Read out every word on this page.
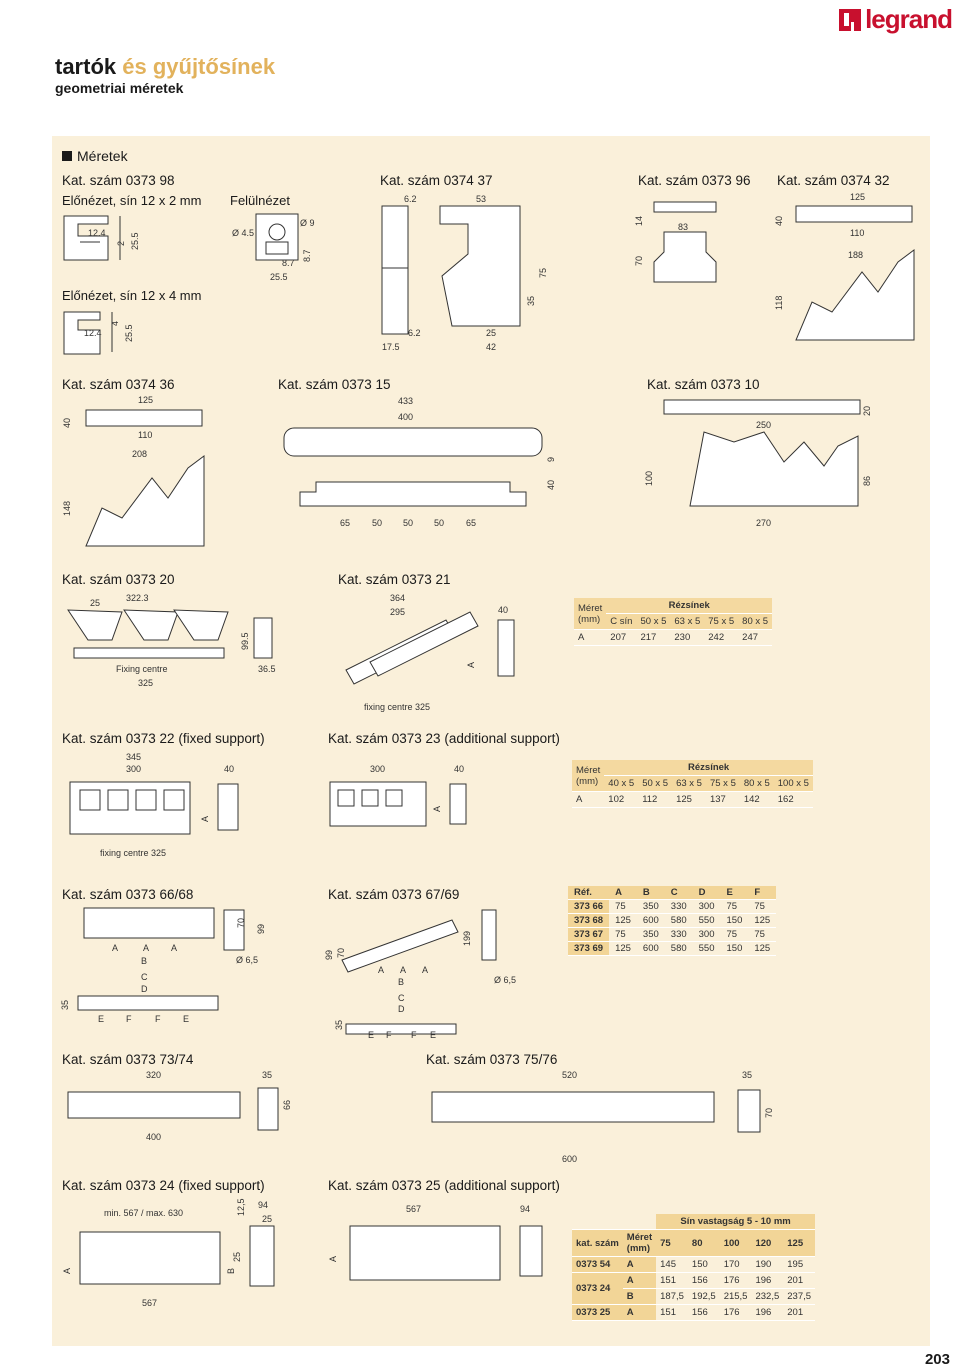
legrand
tartók és gyűjtősínek
geometriai méretek
Méretek
Kat. szám 0373 98
Előnézet, sín 12 x 2 mm Felülnézet
Előnézet, sín 12 x 4 mm
Kat. szám 0374 37	Kat. szám 0373 96 Kat. szám 0374 32
12.4
2 25.5	Ø 4.5
Ø 9
8.7
8.7
25.5
12.4
4
25.5
6.2	53
17.5
6.2	25
42
35
75
14
70
83
125
40
110
188
118
Kat. szám 0374 36	Kat. szám 0373 15	Kat. szám 0373 10
125
40
110
208
148
433
400
9
40
65 50 50 50 65
20
250
100	86
270
Kat. szám 0373 20	Kat. szám 0373 21
25	322.3
99.5
Fixing centre
325
36.5
364
295	40
A
fixing centre 325
Méret
(mm)	Rézsínek				
	C sín	50 x 5	63 x 5	75 x 5	80 x 5
A	207	217	230	242	247
Kat. szám 0373 22 (fixed support)	Kat. szám 0373 23 (additional support)
345
300	40
A
fixing centre 325
300	40
A
Méret
(mm)	Rézsínek					
	40 x 5	50 x 5	63 x 5	75 x 5	80 x 5	100 x 5
A	102	112	125	137	142	162
Kat. szám 0373 66/68	Kat. szám 0373 67/69
A	A A
B
C
D
E F	F	E
35
70
99
Ø 6,5
A A A
B
C
D
E F F E
35
99 70
199
Ø 6,5
Réf.	A	B	C	D	E	F
373 66	75	350	330	300	75	75
373 68	125	600	580	550	150	125
373 67	75	350	330	300	75	75
373 69	125	600	580	550	150	125
Kat. szám 0373 73/74	Kat. szám 0373 75/76
320	35
66
400
520	35
70
600
Kat. szám 0373 24 (fixed support)	Kat. szám 0373 25 (additional support)
min. 567 / max. 630	12,5 94
25
A	B
25
567
567	94
A
		Sín vastagság 5 - 10 mm				
kat. szám	Méret
(mm)	75	80	100	120	125
0373 54	A	145	150	170	190	195
0373 24	A	151	156	176	196	201
	B	187,5	192,5	215,5	232,5	237,5
0373 25	A	151	156	176	196	201
203
